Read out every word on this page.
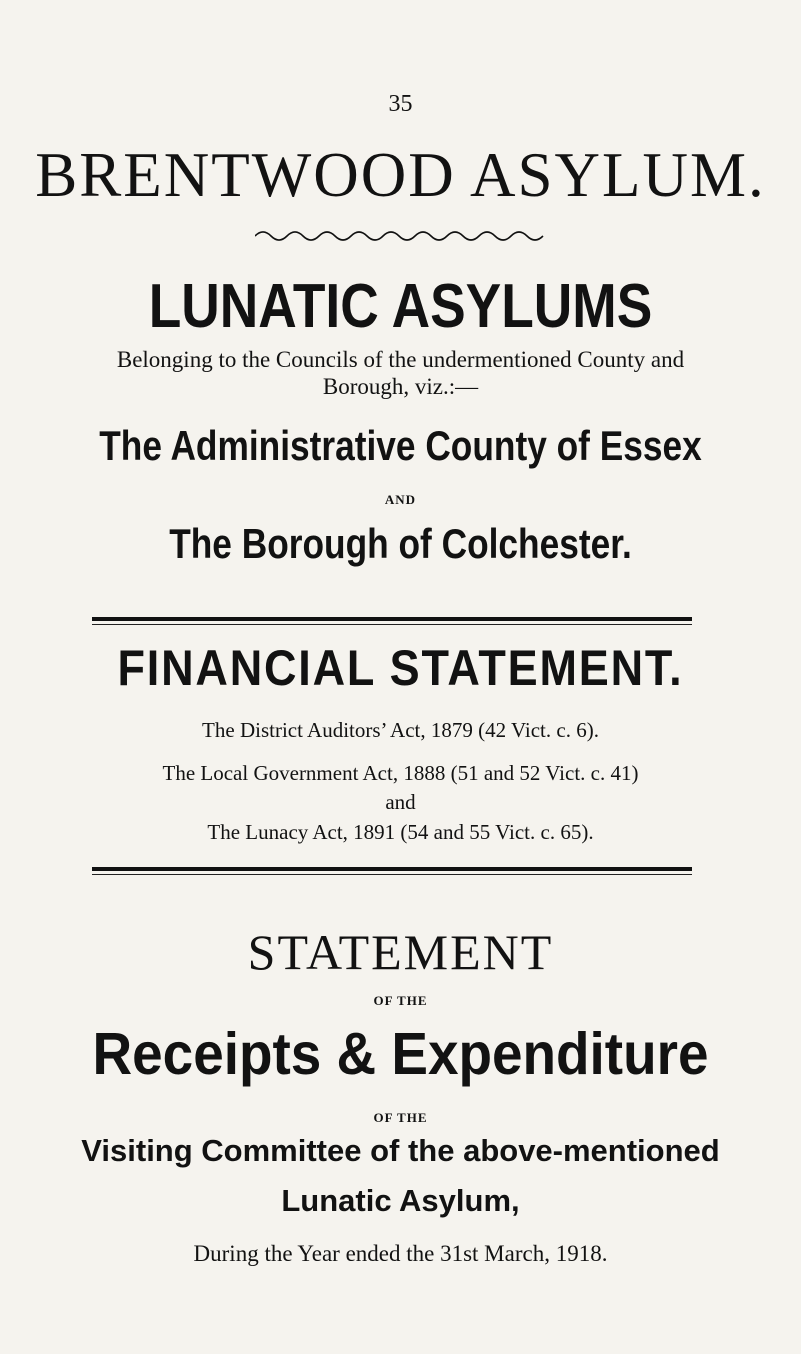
35
BRENTWOOD ASYLUM.
LUNATIC ASYLUMS
Belonging to the Councils of the undermentioned County and
Borough, viz.:—
The Administrative County of Essex
AND
The Borough of Colchester.
FINANCIAL STATEMENT.
The District Auditors’ Act, 1879 (42 Vict. c. 6).
The Local Government Act, 1888 (51 and 52 Vict. c. 41)
and
The Lunacy Act, 1891 (54 and 55 Vict. c. 65).
STATEMENT
OF THE
Receipts & Expenditure
OF THE
Visiting Committee of the above-mentioned
Lunatic Asylum,
During the Year ended the 31st March, 1918.
